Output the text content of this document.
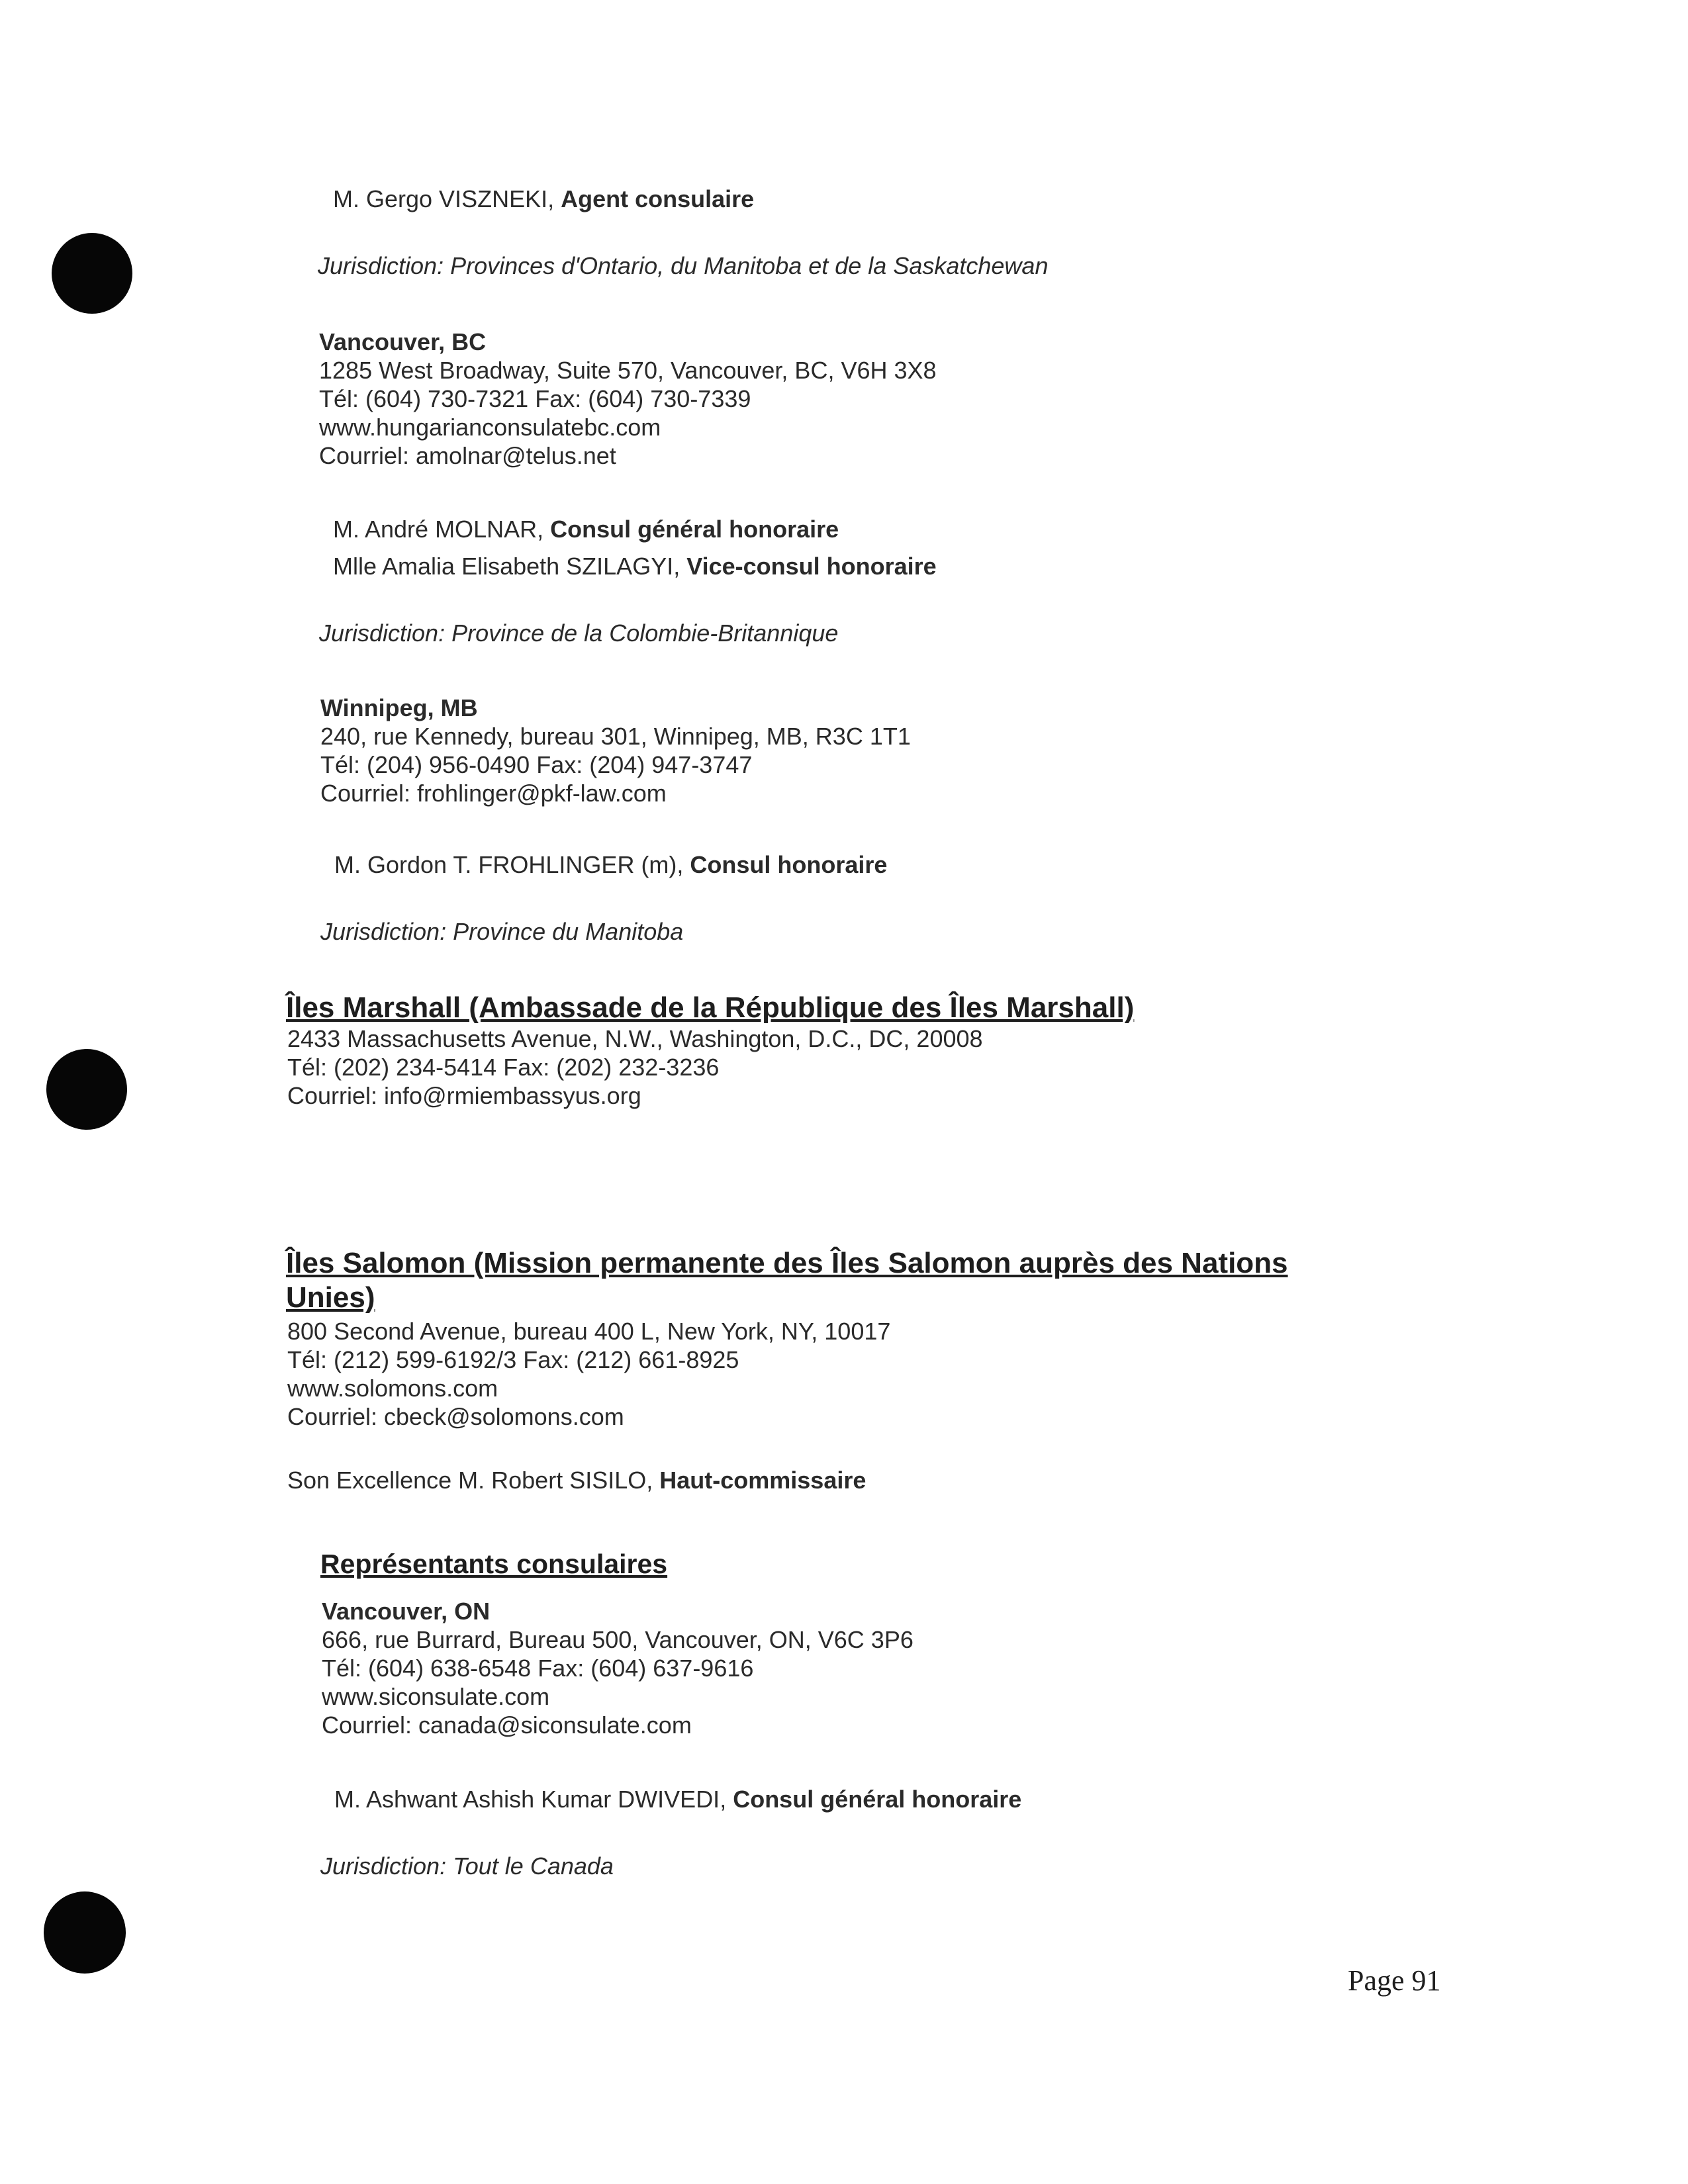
M. Gergo VISZNEKI, Agent consulaire
Jurisdiction: Provinces d'Ontario, du Manitoba et de la Saskatchewan
Vancouver, BC
1285 West Broadway, Suite 570, Vancouver, BC, V6H 3X8
Tél: (604) 730-7321 Fax: (604) 730-7339
www.hungarianconsulatebc.com
Courriel: amolnar@telus.net
M. André MOLNAR, Consul général honoraire
Mlle Amalia Elisabeth SZILAGYI, Vice-consul honoraire
Jurisdiction: Province de la Colombie-Britannique
Winnipeg, MB
240, rue Kennedy, bureau 301, Winnipeg, MB, R3C 1T1
Tél: (204) 956-0490 Fax: (204) 947-3747
Courriel: frohlinger@pkf-law.com
M. Gordon T. FROHLINGER (m), Consul honoraire
Jurisdiction: Province du Manitoba
Îles Marshall (Ambassade de la République des Îles Marshall)
2433 Massachusetts Avenue, N.W., Washington, D.C., DC, 20008
Tél: (202) 234-5414 Fax: (202) 232-3236
Courriel: info@rmiembassyus.org
Îles Salomon (Mission permanente des Îles Salomon auprès des Nations
Unies)
800 Second Avenue, bureau 400 L, New York, NY, 10017
Tél: (212) 599-6192/3 Fax: (212) 661-8925
www.solomons.com
Courriel: cbeck@solomons.com
Son Excellence M. Robert SISILO, Haut-commissaire
Représentants consulaires
Vancouver, ON
666, rue Burrard, Bureau 500, Vancouver, ON, V6C 3P6
Tél: (604) 638-6548 Fax: (604) 637-9616
www.siconsulate.com
Courriel: canada@siconsulate.com
M. Ashwant Ashish Kumar DWIVEDI, Consul général honoraire
Jurisdiction: Tout le Canada
Page 91
